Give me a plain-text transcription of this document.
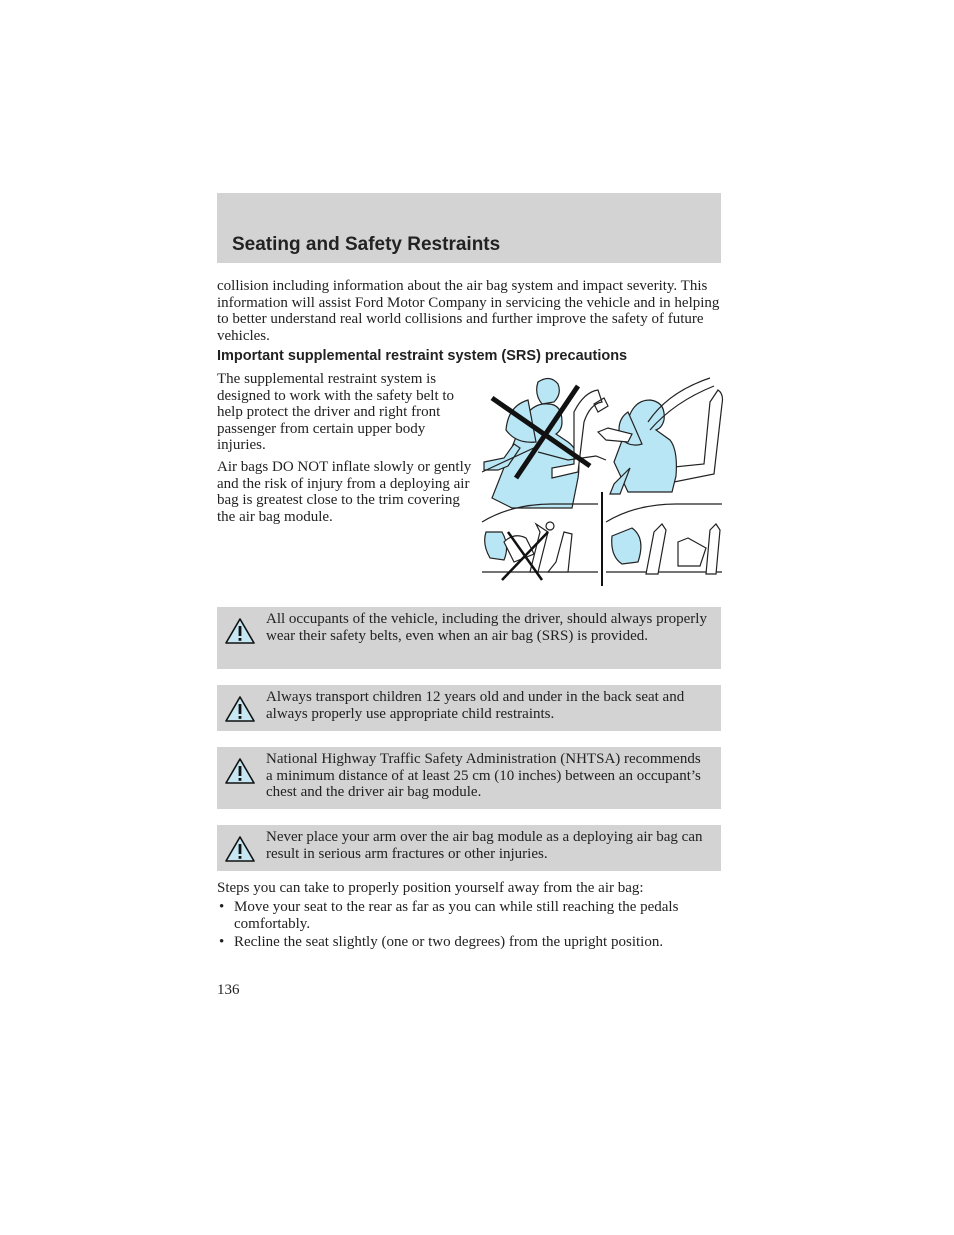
Seating and Safety Restraints

collision including information about the air bag system and impact severity. This information will assist Ford Motor Company in servicing the vehicle and in helping to better understand real world collisions and further improve the safety of future vehicles.

Important supplemental restraint system (SRS) precautions

The supplemental restraint system is designed to work with the safety belt to help protect the driver and right front passenger from certain upper body injuries.

Air bags DO NOT inflate slowly or gently and the risk of injury from a deploying air bag is greatest close to the trim covering the air bag module.

All occupants of the vehicle, including the driver, should always properly wear their safety belts, even when an air bag (SRS) is provided.

Always transport children 12 years old and under in the back seat and always properly use appropriate child restraints.

National Highway Traffic Safety Administration (NHTSA) recommends a minimum distance of at least 25 cm (10 inches) between an occupant’s chest and the driver air bag module.

Never place your arm over the air bag module as a deploying air bag can result in serious arm fractures or other injuries.

Steps you can take to properly position yourself away from the air bag:

• Move your seat to the rear as far as you can while still reaching the pedals comfortably.
• Recline the seat slightly (one or two degrees) from the upright position.

136
